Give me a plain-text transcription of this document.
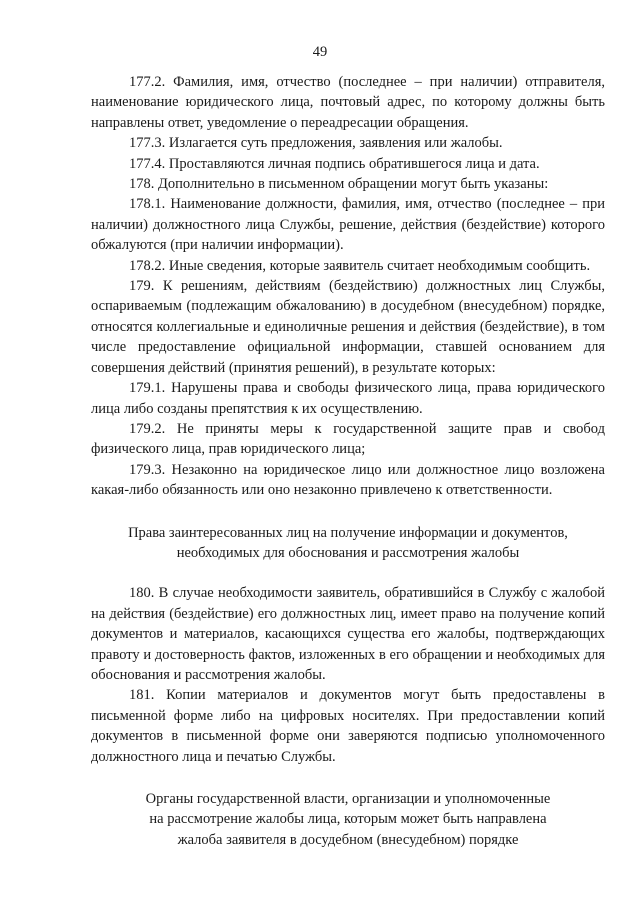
49

177.2. Фамилия, имя, отчество (последнее – при наличии) отправителя, наименование юридического лица, почтовый адрес, по которому должны быть направлены ответ, уведомление о переадресации обращения.

177.3. Излагается суть предложения, заявления или жалобы.

177.4. Проставляются личная подпись обратившегося лица и дата.

178. Дополнительно в письменном обращении могут быть указаны:

178.1. Наименование должности, фамилия, имя, отчество (последнее – при наличии) должностного лица Службы, решение, действия (бездействие) которого обжалуются (при наличии информации).

178.2. Иные сведения, которые заявитель считает необходимым сообщить.

179. К решениям, действиям (бездействию) должностных лиц Службы, оспариваемым (подлежащим обжалованию) в досудебном (внесудебном) порядке, относятся коллегиальные и единоличные решения и действия (бездействие), в том числе предоставление официальной информации, ставшей основанием для совершения действий (принятия решений), в результате которых:

179.1. Нарушены права и свободы физического лица, права юридического лица либо созданы препятствия к их осуществлению.

179.2. Не приняты меры к государственной защите прав и свобод физического лица, прав юридического лица;

179.3. Незаконно на юридическое лицо или должностное лицо возложена какая-либо обязанность или оно незаконно привлечено к ответственности.

Права заинтересованных лиц на получение информации и документов,
необходимых для обоснования и рассмотрения жалобы

180. В случае необходимости заявитель, обратившийся в Службу с жалобой на действия (бездействие) его должностных лиц, имеет право на получение копий документов и материалов, касающихся существа его жалобы, подтверждающих правоту и достоверность фактов, изложенных в его обращении и необходимых для обоснования и рассмотрения жалобы.

181. Копии материалов и документов могут быть предоставлены в письменной форме либо на цифровых носителях. При предоставлении копий документов в письменной форме они заверяются подписью уполномоченного должностного лица и печатью Службы.

Органы государственной власти, организации и уполномоченные
на рассмотрение жалобы лица, которым может быть направлена
жалоба заявителя в досудебном (внесудебном) порядке
